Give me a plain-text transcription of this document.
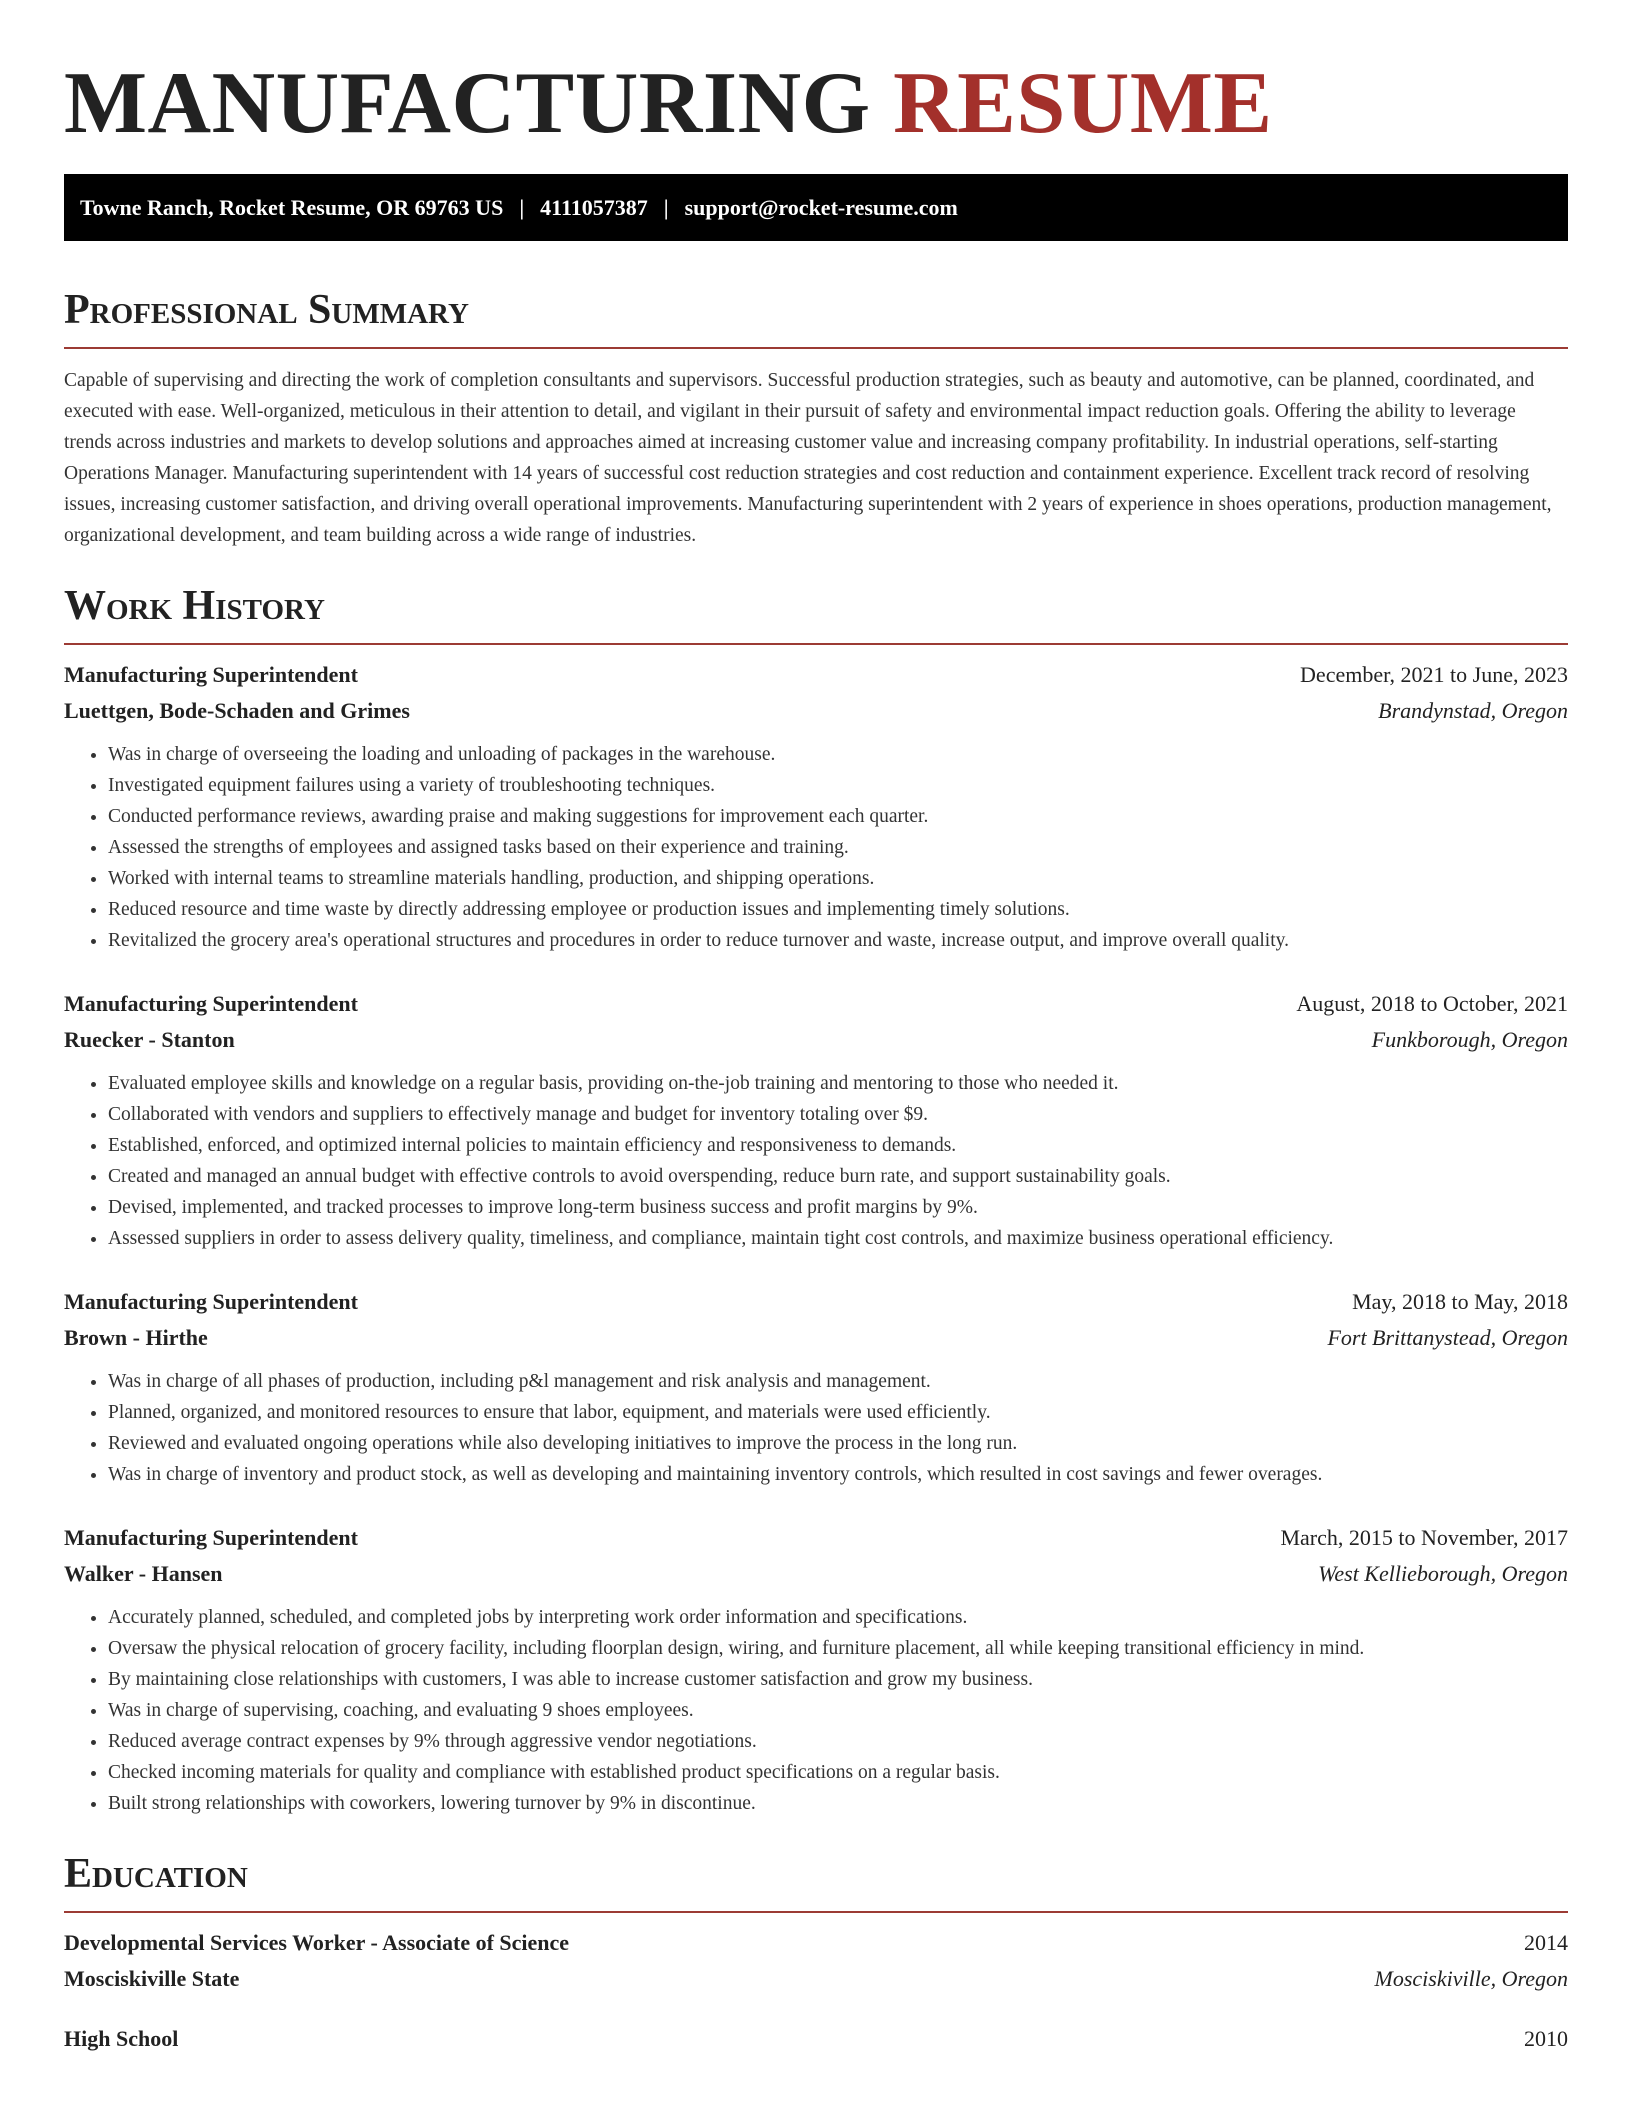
MANUFACTURING RESUME
Towne Ranch, Rocket Resume, OR 69763 US | 4111057387 | support@rocket-resume.com
Professional Summary

Capable of supervising and directing the work of completion consultants and supervisors. Successful production strategies, such as beauty and automotive, can be planned, coordinated, and executed with ease. Well-organized, meticulous in their attention to detail, and vigilant in their pursuit of safety and environmental impact reduction goals. Offering the ability to leverage trends across industries and markets to develop solutions and approaches aimed at increasing customer value and increasing company profitability. In industrial operations, self-starting Operations Manager. Manufacturing superintendent with 14 years of successful cost reduction strategies and cost reduction and containment experience. Excellent track record of resolving issues, increasing customer satisfaction, and driving overall operational improvements. Manufacturing superintendent with 2 years of experience in shoes operations, production management, organizational development, and team building across a wide range of industries.

Work History
Manufacturing Superintendent	December, 2021 to June, 2023
Luettgen, Bode-Schaden and Grimes	Brandynstad, Oregon
• Was in charge of overseeing the loading and unloading of packages in the warehouse.
• Investigated equipment failures using a variety of troubleshooting techniques.
• Conducted performance reviews, awarding praise and making suggestions for improvement each quarter.
• Assessed the strengths of employees and assigned tasks based on their experience and training.
• Worked with internal teams to streamline materials handling, production, and shipping operations.
• Reduced resource and time waste by directly addressing employee or production issues and implementing timely solutions.
• Revitalized the grocery area's operational structures and procedures in order to reduce turnover and waste, increase output, and improve overall quality.
Manufacturing Superintendent	August, 2018 to October, 2021
Ruecker - Stanton	Funkborough, Oregon
• Evaluated employee skills and knowledge on a regular basis, providing on-the-job training and mentoring to those who needed it.
• Collaborated with vendors and suppliers to effectively manage and budget for inventory totaling over $9.
• Established, enforced, and optimized internal policies to maintain efficiency and responsiveness to demands.
• Created and managed an annual budget with effective controls to avoid overspending, reduce burn rate, and support sustainability goals.
• Devised, implemented, and tracked processes to improve long-term business success and profit margins by 9%.
• Assessed suppliers in order to assess delivery quality, timeliness, and compliance, maintain tight cost controls, and maximize business operational efficiency.
Manufacturing Superintendent	May, 2018 to May, 2018
Brown - Hirthe	Fort Brittanystead, Oregon
• Was in charge of all phases of production, including p&l management and risk analysis and management.
• Planned, organized, and monitored resources to ensure that labor, equipment, and materials were used efficiently.
• Reviewed and evaluated ongoing operations while also developing initiatives to improve the process in the long run.
• Was in charge of inventory and product stock, as well as developing and maintaining inventory controls, which resulted in cost savings and fewer overages.
Manufacturing Superintendent	March, 2015 to November, 2017
Walker - Hansen	West Kellieborough, Oregon
• Accurately planned, scheduled, and completed jobs by interpreting work order information and specifications.
• Oversaw the physical relocation of grocery facility, including floorplan design, wiring, and furniture placement, all while keeping transitional efficiency in mind.
• By maintaining close relationships with customers, I was able to increase customer satisfaction and grow my business.
• Was in charge of supervising, coaching, and evaluating 9 shoes employees.
• Reduced average contract expenses by 9% through aggressive vendor negotiations.
• Checked incoming materials for quality and compliance with established product specifications on a regular basis.
• Built strong relationships with coworkers, lowering turnover by 9% in discontinue.
Education
Developmental Services Worker - Associate of Science	2014
Mosciskiville State	Mosciskiville, Oregon
High School	2010
